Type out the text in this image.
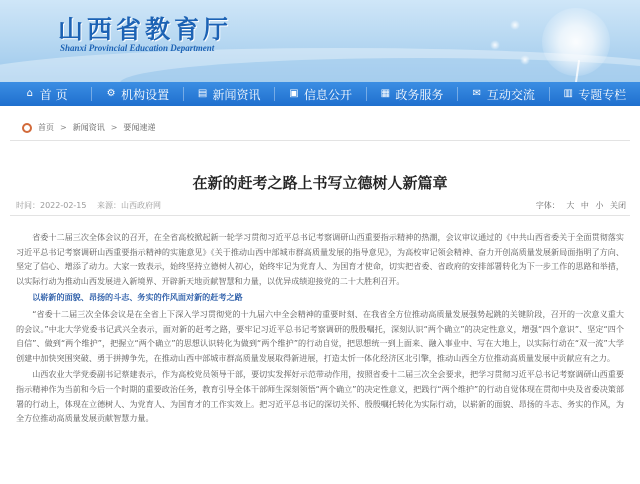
山西省教育厅
Shanxi Provincial Education Department
⌂ 首 页	⚙ 机构设置	▤ 新闻资讯	▣ 信息公开	▦ 政务服务	✉ 互动交流	▥ 专题专栏
首页 > 新闻资讯 > 要闻速递
在新的赶考之路上书写立德树人新篇章
时间：2022-02-15 来源：山西政府网	字体： 大 中 小 关闭

省委十二届三次全体会议的召开，在全省高校掀起新一轮学习贯彻习近平总书记考察调研山西重要指示精神的热潮，会议审议通过的《中共山西省委关于全面贯彻落实习近平总书记考察调研山西重要指示精神的实施意见》《关于推动山西中部城市群高质量发展的指导意见》，为高校审记领会精神、奋力开创高质量发展新局面指明了方向、坚定了信心、增添了动力。大家一致表示，始终坚持立德树人初心，始终牢记为党育人、为国育才使命，切实把省委、省政府的安排部署转化为下一步工作的思路和举措，以实际行动为推动山西发展进入新境界、开辟新天地贡献智慧和力量，以优异成绩迎接党的二十大胜利召开。

以崭新的面貌、昂扬的斗志、务实的作风面对新的赶考之路

“省委十二届三次全体会议是在全省上下深入学习贯彻党的十九届六中全会精神的重要时刻、在我省全方位推动高质量发展强势起跳的关键阶段，召开的一次意义重大的会议。”中北大学党委书记武兴全表示，面对新的赶考之路，要牢记习近平总书记考察调研的殷殷嘱托，深刻认识“两个确立”的决定性意义，增强“四个意识”、坚定“四个自信”、做到“两个维护”，把握立“两个确立”的思想认识转化为做到“两个维护”的行动自觉，把思想统一到上面来、融入事业中、写在大地上，以实际行动在“双一流”大学创建中加快突围突破、勇于拼搏争先，在推动山西中部城市群高质量发展取得新进展，打造太忻一体化经济区北引擎，推动山西全方位推动高质量发展中贡献应有之力。

山西农业大学党委副书记蔡建表示，作为高校党员领导干部，要切实发挥好示范带动作用，按照省委十二届三次全会要求，把学习贯彻习近平总书记考察调研山西重要指示精神作为当前和今后一个时期的重要政治任务，教育引导全体干部师生深刻领悟“两个确立”的决定性意义，把践行“两个维护”的行动自觉体现在贯彻中央及省委决策部署的行动上，体现在立德树人、为党育人、为国育才的工作实效上。把习近平总书记的深切关怀、殷殷嘱托转化为实际行动，以崭新的面貌、昂扬的斗志、务实的作风，为全方位推动高质量发展贡献智慧力量。
